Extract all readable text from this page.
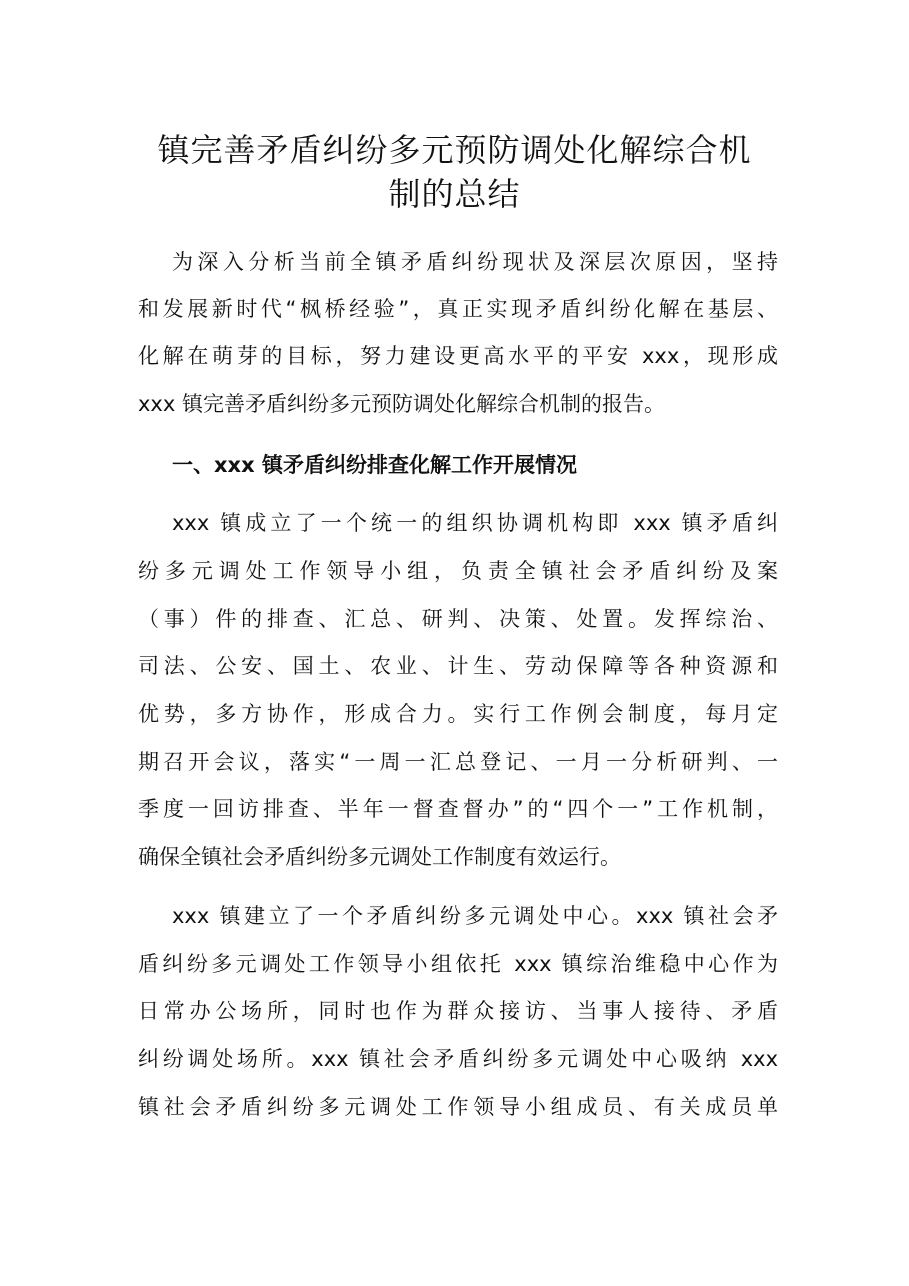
镇完善矛盾纠纷多元预防调处化解综合机
制的总结

为深入分析当前全镇矛盾纠纷现状及深层次原因，坚持

和发展新时代“枫桥经验”，真正实现矛盾纠纷化解在基层、

化解在萌芽的目标，努力建设更高水平的平安 xxx，现形成

xxx 镇完善矛盾纠纷多元预防调处化解综合机制的报告。

一、xxx 镇矛盾纠纷排查化解工作开展情况

xxx 镇成立了一个统一的组织协调机构即 xxx 镇矛盾纠

纷多元调处工作领导小组，负责全镇社会矛盾纠纷及案

（事）件的排查、汇总、研判、决策、处置。发挥综治、

司法、公安、国土、农业、计生、劳动保障等各种资源和

优势，多方协作，形成合力。实行工作例会制度，每月定

期召开会议，落实“一周一汇总登记、一月一分析研判、一

季度一回访排查、半年一督查督办”的“四个一”工作机制，

确保全镇社会矛盾纠纷多元调处工作制度有效运行。

xxx 镇建立了一个矛盾纠纷多元调处中心。xxx 镇社会矛

盾纠纷多元调处工作领导小组依托 xxx 镇综治维稳中心作为

日常办公场所，同时也作为群众接访、当事人接待、矛盾

纠纷调处场所。xxx 镇社会矛盾纠纷多元调处中心吸纳 xxx

镇社会矛盾纠纷多元调处工作领导小组成员、有关成员单
